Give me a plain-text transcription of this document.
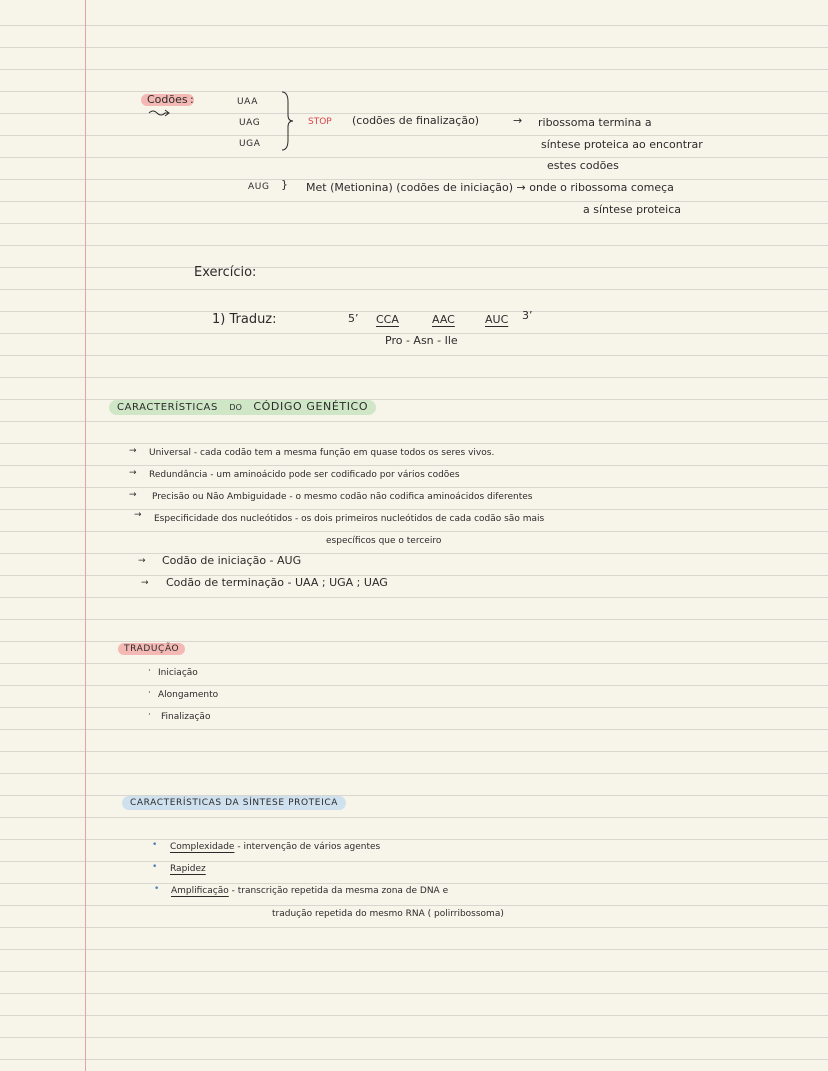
Codões :	UAA
UAG
UGA
STOP (codões de finalização)	→ ribossoma termina a
síntese proteica ao encontrar
estes codões
AUG } Met (Metionina) (codões de iniciação) → onde o ribossoma começa
a síntese proteica
Exercício:
1) Traduz:	5’ CCA	AAC	AUC 3’
Pro - Asn - Ile
CARACTERÍSTICAS DO CÓDIGO GENÉTICO
→ Universal - cada codão tem a mesma função em quase todos os seres vivos.
→ Redundância - um aminoácido pode ser codificado por vários codões
→ Precisão ou Não Ambiguidade - o mesmo codão não codifica aminoácidos diferentes
→ Especificidade dos nucleótidos - os dois primeiros nucleótidos de cada codão são mais
específicos que o terceiro
→ Codão de iniciação - AUG
→ Codão de terminação - UAA ; UGA ; UAG
TRADUÇÃO
· Iniciação
· Alongamento
· Finalização
CARACTERÍSTICAS DA SÍNTESE PROTEICA
• Complexidade - intervenção de vários agentes
• Rapidez
• Amplificação - transcrição repetida da mesma zona de DNA e
tradução repetida do mesmo RNA ( polirribossoma)
